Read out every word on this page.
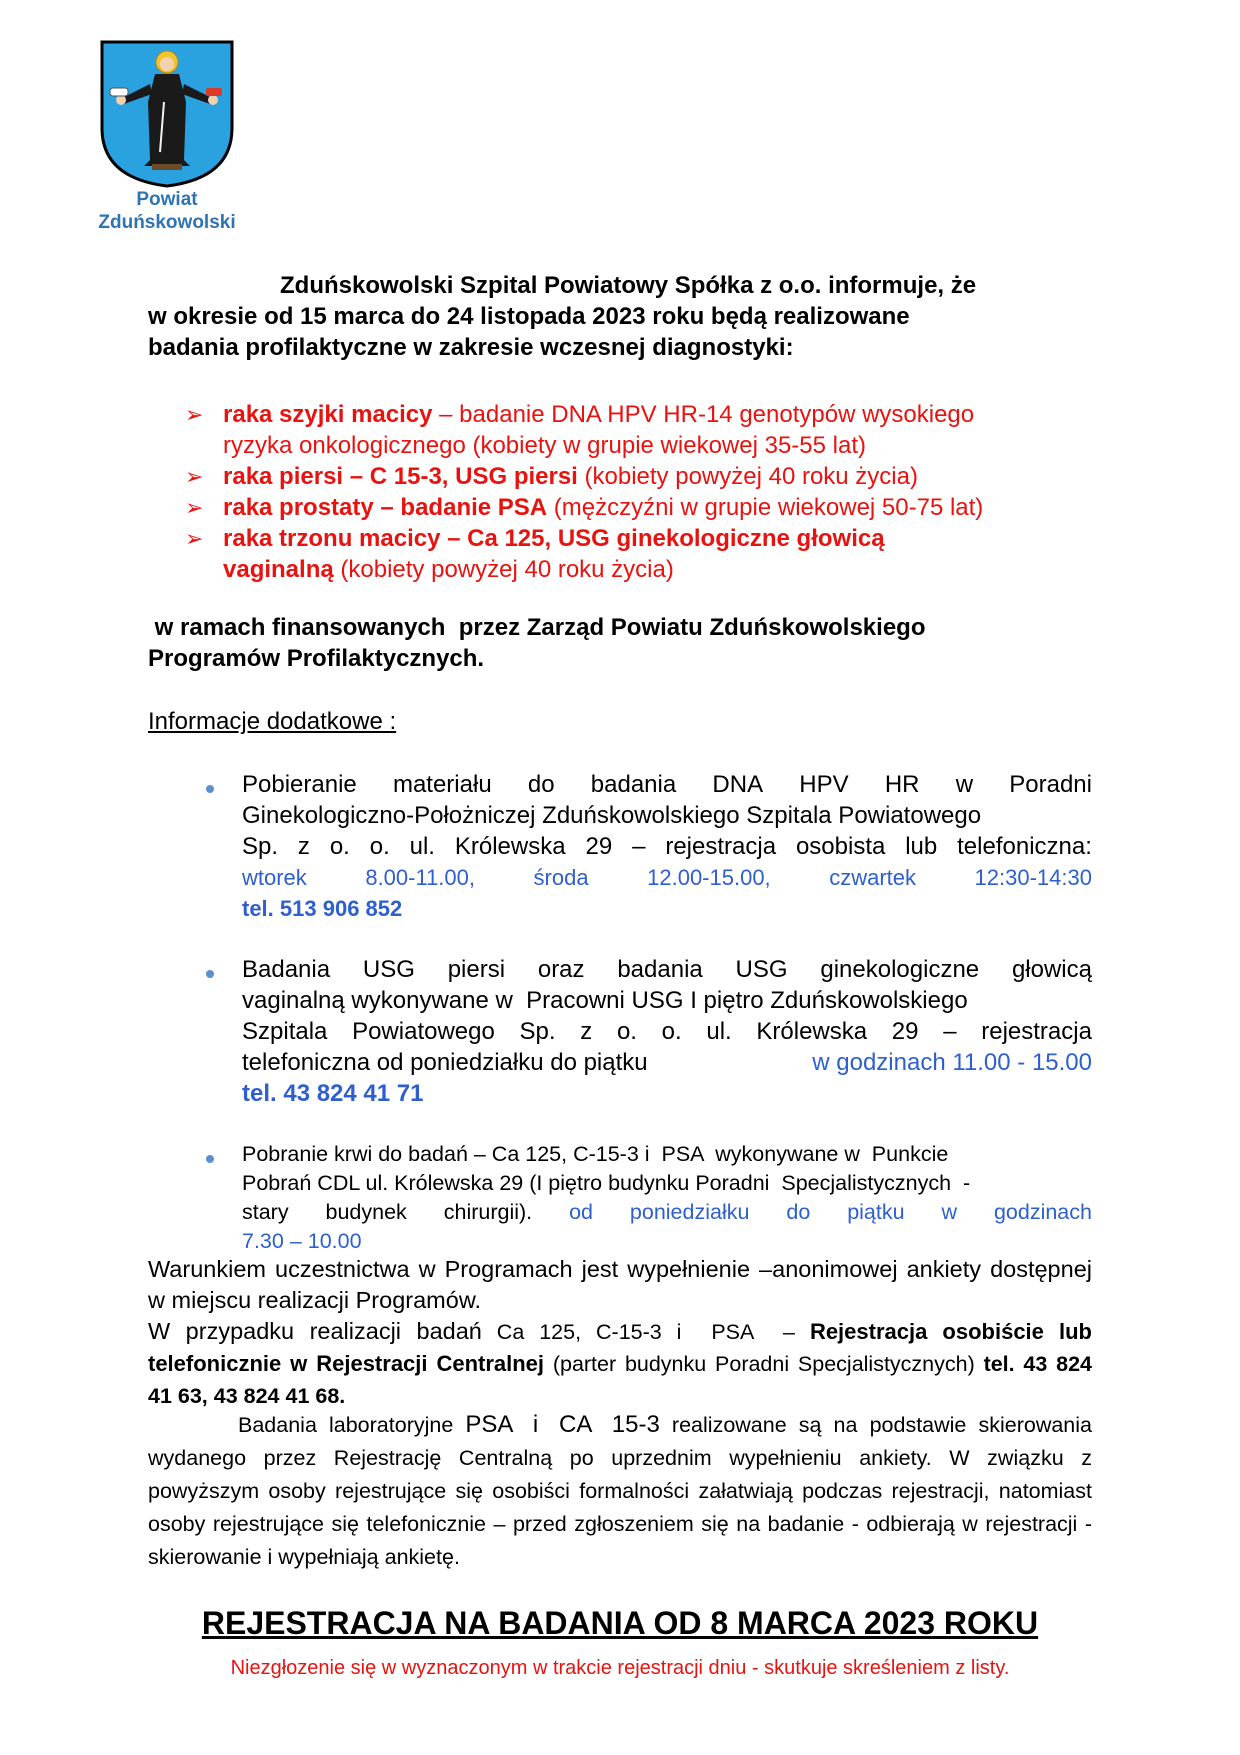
Powiat
Zduńskowolski
Zduńskowolski Szpital Powiatowy Spółka z o.o. informuje, że
w okresie od 15 marca do 24 listopada 2023 roku będą realizowane
badania profilaktyczne w zakresie wczesnej diagnostyki:
➢ raka szyjki macicy – badanie DNA HPV HR-14 genotypów wysokiego
ryzyka onkologicznego (kobiety w grupie wiekowej 35-55 lat)
➢ raka piersi – C 15-3, USG piersi (kobiety powyżej 40 roku życia)
➢ raka prostaty – badanie PSA (mężczyźni w grupie wiekowej 50-75 lat)
➢ raka trzonu macicy – Ca 125, USG ginekologiczne głowicą
vaginalną (kobiety powyżej 40 roku życia)
w ramach finansowanych  przez Zarząd Powiatu Zduńskowolskiego
Programów Profilaktycznych.
Informacje dodatkowe :
Pobieranie materiału do badania DNA HPV HR w Poradni
Ginekologiczno-Położniczej Zduńskowolskiego Szpitala Powiatowego
Sp. z o. o. ul. Królewska 29 – rejestracja osobista lub telefoniczna:
wtorek	8.00-11.00,	środa	12.00-15.00,	czwartek	12:30-14:30
tel. 513 906 852
Badania USG piersi oraz badania USG ginekologiczne głowicą
vaginalną wykonywane w  Pracowni USG I piętro Zduńskowolskiego
Szpitala Powiatowego Sp. z o. o. ul. Królewska 29 – rejestracja
telefoniczna od poniedziałku do piątku	w godzinach 11.00 - 15.00
tel. 43 824 41 71
Pobranie krwi do badań – Ca 125, C-15-3 i  PSA  wykonywane w  Punkcie
Pobrań CDL ul. Królewska 29 (I piętro budynku Poradni  Specjalistycznych  -
stary budynek chirurgii). od poniedziałku do piątku w godzinach
7.30 – 10.00
Warunkiem uczestnictwa w Programach jest wypełnienie –anonimowej ankiety dostępnej w miejscu realizacji Programów.
W przypadku realizacji badań Ca 125, C-15-3 i  PSA  – Rejestracja osobiście lub telefonicznie w Rejestracji Centralnej (parter budynku Poradni Specjalistycznych) tel. 43 824 41 63, 43 824 41 68.
Badania laboratoryjne PSA i CA 15-3 realizowane są na podstawie skierowania wydanego przez Rejestrację Centralną po uprzednim wypełnieniu ankiety. W związku z powyższym osoby rejestrujące się osobiści formalności załatwiają podczas rejestracji, natomiast osoby rejestrujące się telefonicznie – przed zgłoszeniem się na badanie - odbierają w rejestracji - skierowanie i wypełniają ankietę.
REJESTRACJA NA BADANIA OD 8 MARCA 2023 ROKU
Niezgłozenie się w wyznaczonym w trakcie rejestracji dniu - skutkuje skreśleniem z listy.
